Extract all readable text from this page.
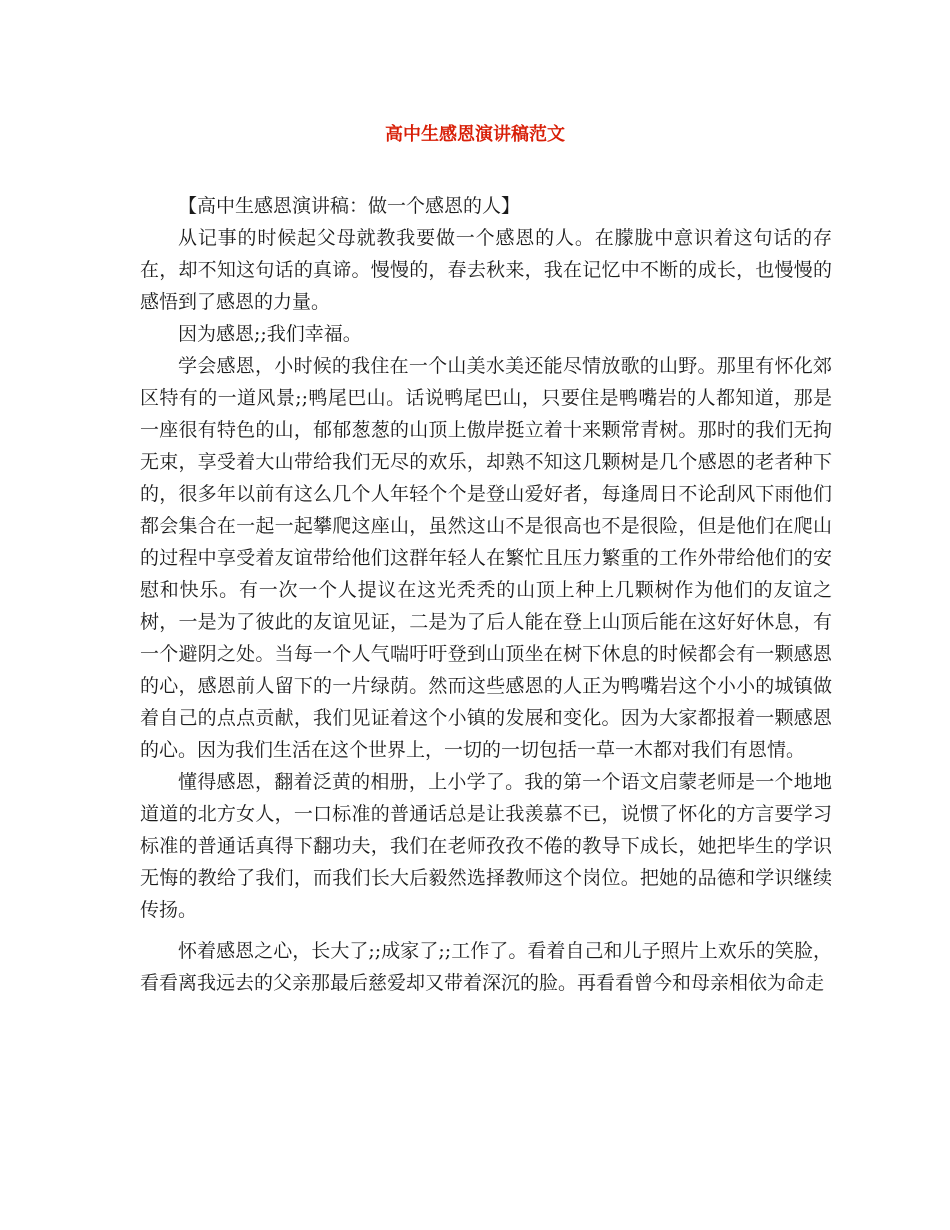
高中生感恩演讲稿范文

【高中生感恩演讲稿：做一个感恩的人】

从记事的时候起父母就教我要做一个感恩的人。在朦胧中意识着这句话的存在，却不知这句话的真谛。慢慢的，春去秋来，我在记忆中不断的成长，也慢慢的感悟到了感恩的力量。

因为感恩;;我们幸福。

学会感恩，小时候的我住在一个山美水美还能尽情放歌的山野。那里有怀化郊区特有的一道风景;;鸭尾巴山。话说鸭尾巴山，只要住是鸭嘴岩的人都知道，那是一座很有特色的山，郁郁葱葱的山顶上傲岸挺立着十来颗常青树。那时的我们无拘无束，享受着大山带给我们无尽的欢乐，却熟不知这几颗树是几个感恩的老者种下的，很多年以前有这么几个人年轻个个是登山爱好者，每逢周日不论刮风下雨他们都会集合在一起一起攀爬这座山，虽然这山不是很高也不是很险，但是他们在爬山的过程中享受着友谊带给他们这群年轻人在繁忙且压力繁重的工作外带给他们的安慰和快乐。有一次一个人提议在这光秃秃的山顶上种上几颗树作为他们的友谊之树，一是为了彼此的友谊见证，二是为了后人能在登上山顶后能在这好好休息，有一个避阴之处。当每一个人气喘吁吁登到山顶坐在树下休息的时候都会有一颗感恩的心，感恩前人留下的一片绿荫。然而这些感恩的人正为鸭嘴岩这个小小的城镇做着自己的点点贡献，我们见证着这个小镇的发展和变化。因为大家都报着一颗感恩的心。因为我们生活在这个世界上，一切的一切包括一草一木都对我们有恩情。

懂得感恩，翻着泛黄的相册，上小学了。我的第一个语文启蒙老师是一个地地道道的北方女人，一口标准的普通话总是让我羡慕不已，说惯了怀化的方言要学习标准的普通话真得下翻功夫，我们在老师孜孜不倦的教导下成长，她把毕生的学识无悔的教给了我们，而我们长大后毅然选择教师这个岗位。把她的品德和学识继续传扬。

怀着感恩之心，长大了;;成家了;;工作了。看着自己和儿子照片上欢乐的笑脸，看看离我远去的父亲那最后慈爱却又带着深沉的脸。再看看曾今和母亲相依为命走
